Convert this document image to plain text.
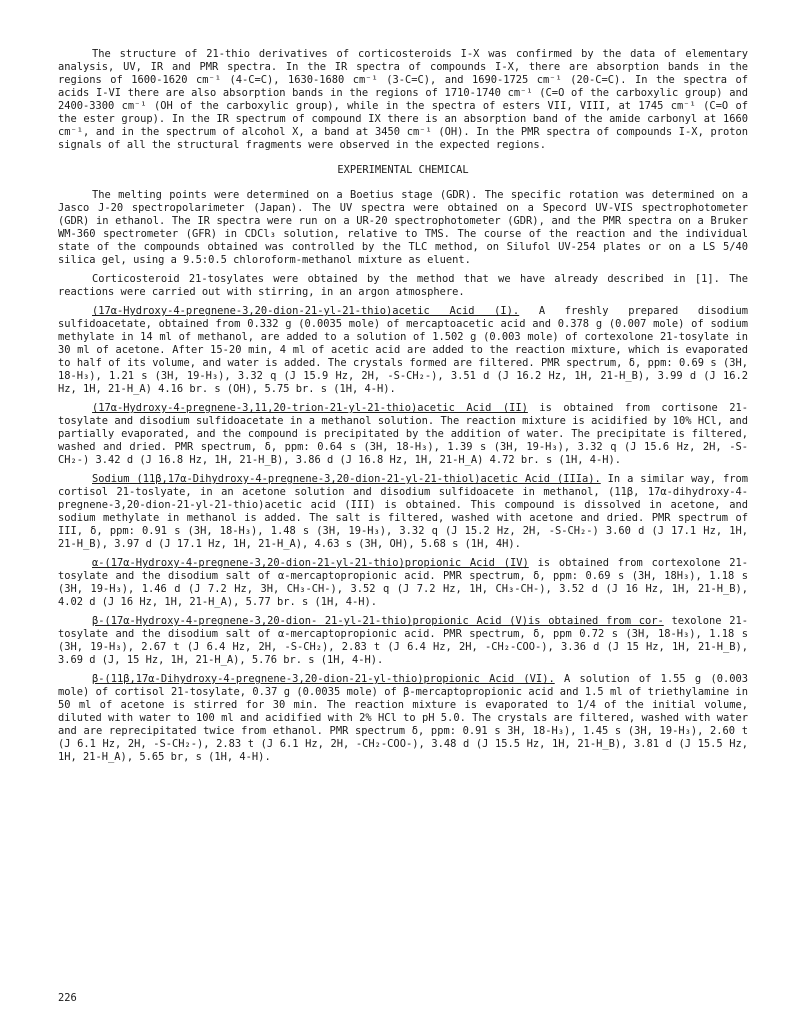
The structure of 21-thio derivatives of corticosteroids I-X was confirmed by the data of elementary analysis, UV, IR and PMR spectra. In the IR spectra of compounds I-X, there are absorption bands in the regions of 1600-1620 cm⁻¹ (4-C=C), 1630-1680 cm⁻¹ (3-C=C), and 1690-1725 cm⁻¹ (20-C=C). In the spectra of acids I-VI there are also absorption bands in the regions of 1710-1740 cm⁻¹ (C=O of the carboxylic group) and 2400-3300 cm⁻¹ (OH of the carboxylic group), while in the spectra of esters VII, VIII, at 1745 cm⁻¹ (C=O of the ester group). In the IR spectrum of compound IX there is an absorption band of the amide carbonyl at 1660 cm⁻¹, and in the spectrum of alcohol X, a band at 3450 cm⁻¹ (OH). In the PMR spectra of compounds I-X, proton signals of all the structural fragments were observed in the expected regions.

EXPERIMENTAL CHEMICAL

The melting points were determined on a Boetius stage (GDR). The specific rotation was determined on a Jasco J-20 spectropolarimeter (Japan). The UV spectra were obtained on a Specord UV-VIS spectrophotometer (GDR) in ethanol. The IR spectra were run on a UR-20 spectrophotometer (GDR), and the PMR spectra on a Bruker WM-360 spectrometer (GFR) in CDCl₃ solution, relative to TMS. The course of the reaction and the individual state of the compounds obtained was controlled by the TLC method, on Silufol UV-254 plates or on a LS 5/40 silica gel, using a 9.5:0.5 chloroform-methanol mixture as eluent.

Corticosteroid 21-tosylates were obtained by the method that we have already described in [1]. The reactions were carried out with stirring, in an argon atmosphere.

(17α-Hydroxy-4-pregnene-3,20-dion-21-yl-21-thio)acetic Acid (I). A freshly prepared disodium sulfidoacetate, obtained from 0.332 g (0.0035 mole) of mercaptoacetic acid and 0.378 g (0.007 mole) of sodium methylate in 14 ml of methanol, are added to a solution of 1.502 g (0.003 mole) of cortexolone 21-tosylate in 30 ml of acetone. After 15-20 min, 4 ml of acetic acid are added to the reaction mixture, which is evaporated to half of its volume, and water is added. The crystals formed are filtered. PMR spectrum, δ, ppm: 0.69 s (3H, 18-H₃), 1.21 s (3H, 19-H₃), 3.32 q (J 15.9 Hz, 2H, -S-CH₂-), 3.51 d (J 16.2 Hz, 1H, 21-H_B), 3.99 d (J 16.2 Hz, 1H, 21-H_A) 4.16 br. s (OH), 5.75 br. s (1H, 4-H).

(17α-Hydroxy-4-pregnene-3,11,20-trion-21-yl-21-thio)acetic Acid (II) is obtained from cortisone 21-tosylate and disodium sulfidoacetate in a methanol solution. The reaction mixture is acidified by 10% HCl, and partially evaporated, and the compound is precipitated by the addition of water. The precipitate is filtered, washed and dried. PMR spectrum, δ, ppm: 0.64 s (3H, 18-H₃), 1.39 s (3H, 19-H₃), 3.32 q (J 15.6 Hz, 2H, -S-CH₂-) 3.42 d (J 16.8 Hz, 1H, 21-H_B), 3.86 d (J 16.8 Hz, 1H, 21-H_A) 4.72 br. s (1H, 4-H).

Sodium (11β,17α-Dihydroxy-4-pregnene-3,20-dion-21-yl-21-thiol)acetic Acid (IIIa). In a similar way, from cortisol 21-toslyate, in an acetone solution and disodium sulfidoacete in methanol, (11β, 17α-dihydroxy-4-pregnene-3,20-dion-21-yl-21-thio)acetic acid (III) is obtained. This compound is dissolved in acetone, and sodium methylate in methanol is added. The salt is filtered, washed with acetone and dried. PMR spectrum of III, δ, ppm: 0.91 s (3H, 18-H₃), 1.48 s (3H, 19-H₃), 3.32 q (J 15.2 Hz, 2H, -S-CH₂-) 3.60 d (J 17.1 Hz, 1H, 21-H_B), 3.97 d (J 17.1 Hz, 1H, 21-H_A), 4.63 s (3H, OH), 5.68 s (1H, 4H).

α-(17α-Hydroxy-4-pregnene-3,20-dion-21-yl-21-thio)propionic Acid (IV) is obtained from cortexolone 21-tosylate and the disodium salt of α-mercaptopropionic acid. PMR spectrum, δ, ppm: 0.69 s (3H, 18H₃), 1.18 s (3H, 19-H₃), 1.46 d (J 7.2 Hz, 3H, CH₃-CH-), 3.52 q (J 7.2 Hz, 1H, CH₃-CH-), 3.52 d (J 16 Hz, 1H, 21-H_B), 4.02 d (J 16 Hz, 1H, 21-H_A), 5.77 br. s (1H, 4-H).

β-(17α-Hydroxy-4-pregnene-3,20-dion- 21-yl-21-thio)propionic Acid (V)is obtained from cor- texolone 21-tosylate and the disodium salt of α-mercaptopropionic acid. PMR spectrum, δ, ppm 0.72 s (3H, 18-H₃), 1.18 s (3H, 19-H₃), 2.67 t (J 6.4 Hz, 2H, -S-CH₂), 2.83 t (J 6.4 Hz, 2H, -CH₂-COO-), 3.36 d (J 15 Hz, 1H, 21-H_B), 3.69 d (J, 15 Hz, 1H, 21-H_A), 5.76 br. s (1H, 4-H).

β-(11β,17α-Dihydroxy-4-pregnene-3,20-dion-21-yl-thio)propionic Acid (VI). A solution of 1.55 g (0.003 mole) of cortisol 21-tosylate, 0.37 g (0.0035 mole) of β-mercaptopropionic acid and 1.5 ml of triethylamine in 50 ml of acetone is stirred for 30 min. The reaction mixture is evaporated to 1/4 of the initial volume, diluted with water to 100 ml and acidified with 2% HCl to pH 5.0. The crystals are filtered, washed with water and are reprecipitated twice from ethanol. PMR spectrum δ, ppm: 0.91 s 3H, 18-H₃), 1.45 s (3H, 19-H₃), 2.60 t (J 6.1 Hz, 2H, -S-CH₂-), 2.83 t (J 6.1 Hz, 2H, -CH₂-COO-), 3.48 d (J 15.5 Hz, 1H, 21-H_B), 3.81 d (J 15.5 Hz, 1H, 21-H_A), 5.65 br, s (1H, 4-H).

226
